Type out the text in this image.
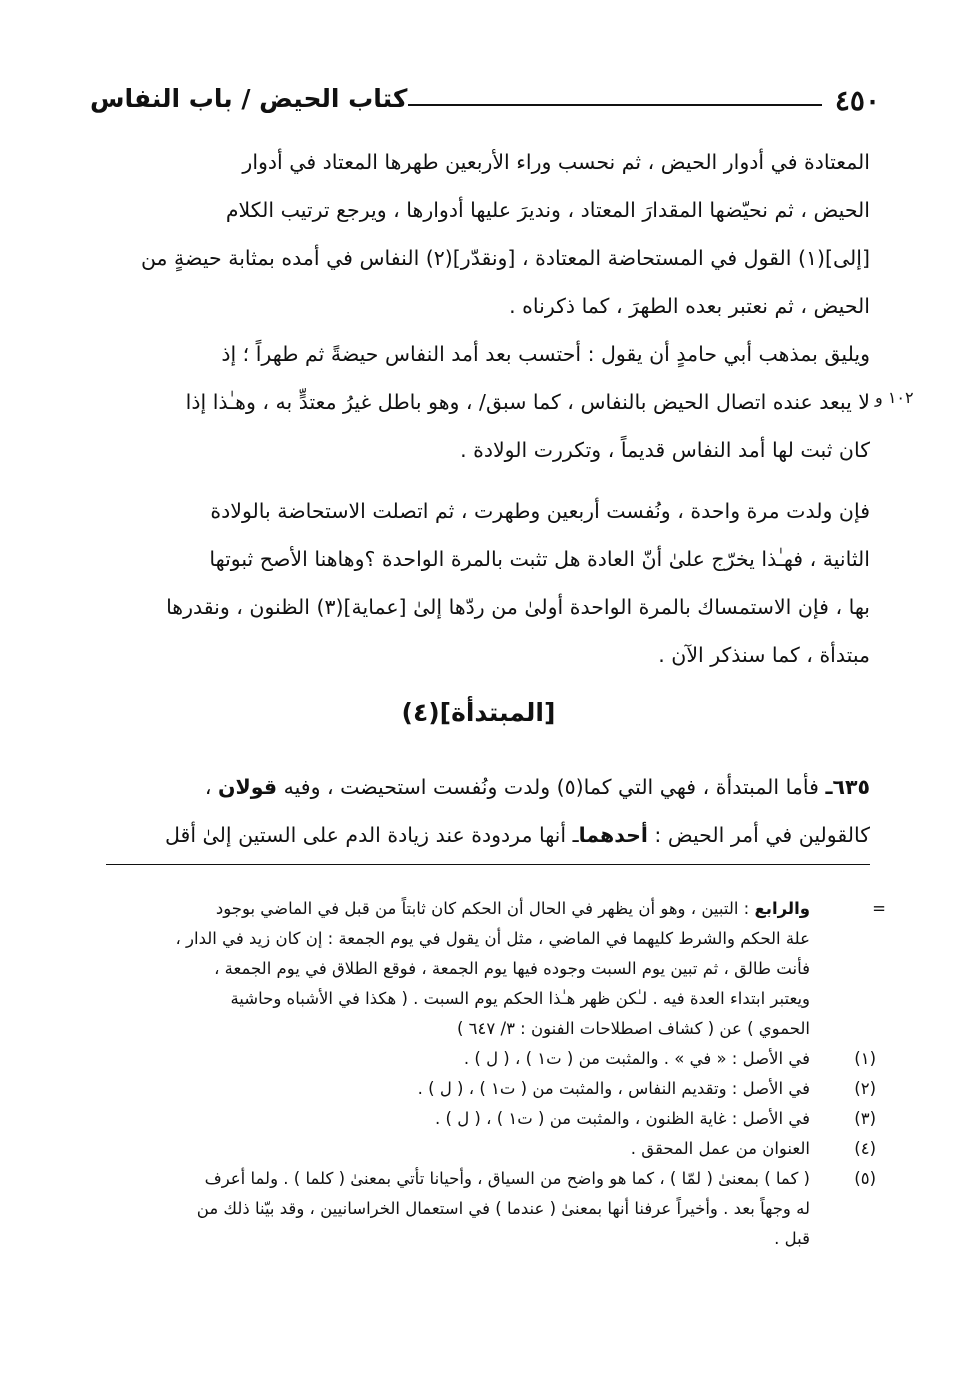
٤٥٠
كتاب الحيض / باب النفاس
المعتادة في أدوار الحيض ، ثم نحسب وراء الأربعين طهرها المعتاد في أدوار
الحيض ، ثم نحيّضها المقدارَ المعتاد ، ونديرَ عليها أدوارها ، ويرجع ترتيب الكلام
[إلى](١) القول في المستحاضة المعتادة ، [ونقدّر](٢) النفاس في أمده بمثابة حيضةٍ من
الحيض ، ثم نعتبر بعده الطهرَ ، كما ذكرناه .
ويليق بمذهب أبي حامدٍ أن يقول : أحتسب بعد أمد النفاس حيضةً ثم طهراً ؛ إذ
لا يبعد عنده اتصال الحيض بالنفاس ، كما سبق/ ، وهو باطل غيرُ معتدٍّ به ، وهـٰذا إذا
كان ثبت لها أمد النفاس قديماً ، وتكررت الولادة .
١٠٢ و
فإن ولدت مرة واحدة ، ونُفست أربعين وطهرت ، ثم اتصلت الاستحاضة بالولادة
الثانية ، فهـٰذا يخرّج علىٰ أنّ العادة هل تثبت بالمرة الواحدة ؟وهاهنا الأصح ثبوتها
بها ، فإن الاستمساك بالمرة الواحدة أولىٰ من ردّها إلىٰ [عماية](٣) الظنون ، ونقدرها
مبتدأة ، كما سنذكر الآن .
[المبتدأة](٤)
٦٣٥ـ فأما المبتدأة ، فهي التي كما(٥) ولدت ونُفست استحيضت ، وفيه قولان ،
كالقولين في أمر الحيض : أحدهماـ أنها مردودة عند زيادة الدم على الستين إلىٰ أقل
=
والرابع : التبين ، وهو أن يظهر في الحال أن الحكم كان ثابتاً من قبل في الماضي بوجود
علة الحكم والشرط كليهما في الماضي ، مثل أن يقول في يوم الجمعة : إن كان زيد في الدار ،
فأنت طالق ، ثم تبين يوم السبت وجوده فيها يوم الجمعة ، فوقع الطلاق في يوم الجمعة ،
ويعتبر ابتداء العدة فيه . لـٰكن ظهر هـٰذا الحكم يوم السبت . ( هكذا في الأشباه وحاشية
الحموي ) عن ( كشاف اصطلاحات الفنون : ٣/ ٦٤٧ )
(١)
في الأصل : « في » . والمثبت من ( ت١ ) ، ( ل ) .
(٢)
في الأصل : وتقديم النفاس ، والمثبت من ( ت١ ) ، ( ل ) .
(٣)
في الأصل : غاية الظنون ، والمثبت من ( ت١ ) ، ( ل ) .
(٤)
العنوان من عمل المحقق .
(٥)
( كما ) بمعنىٰ ( لمّا ) ، كما هو واضح من السياق ، وأحيانا تأتي بمعنىٰ ( كلما ) . ولما أعرف
له وجهاً بعد . وأخيراً عرفنا أنها بمعنىٰ ( عندما ) في استعمال الخراسانيين ، وقد بيّنا ذلك من
قبل .
